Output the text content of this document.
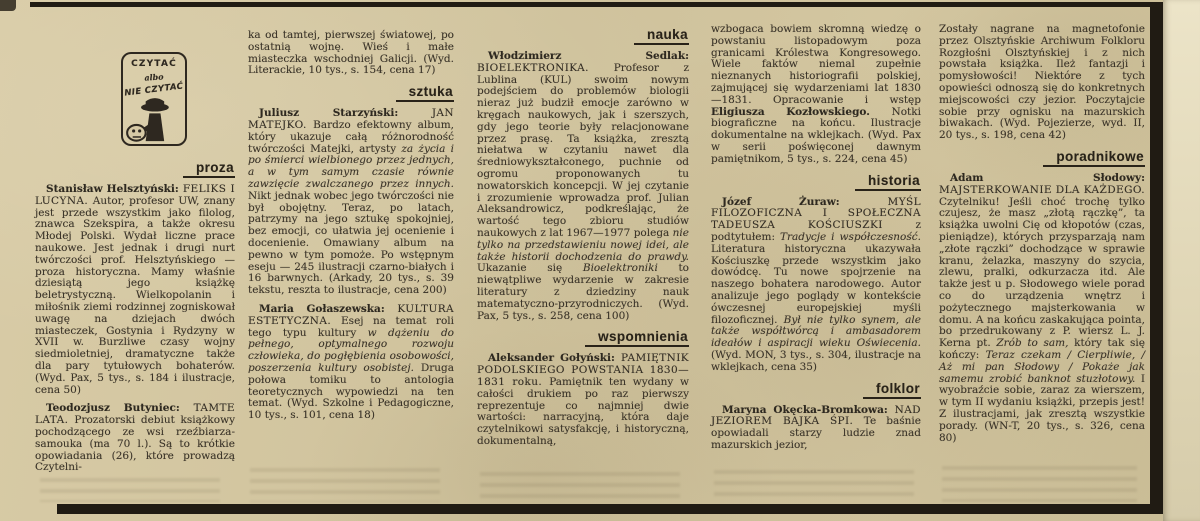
CZYTAĆ
albo
NIE CZYTAĆ
proza

Stanisław Helsztyński: FELIKS I LUCYNA. Autor, profesor UW, znany jest przede wszystkim jako filolog, znawca Szekspira, a także okresu Młodej Polski. Wydał liczne prace naukowe. Jest jednak i drugi nurt twórczości prof. Helsztyńskiego — proza historyczna. Mamy właśnie dziesiątą jego książkę beletrystyczną. Wielkopolanin i miłośnik ziemi rodzinnej zogniskował uwagę na dziejach dwóch miasteczek, Gostynia i Rydzyny w XVII w. Burzliwe czasy wojny siedmioletniej, dramatyczne także dla pary tytułowych bohaterów. (Wyd. Pax, 5 tys., s. 184 i ilustracje, cena 50)

Teodozjusz Butyniec: TAMTE LATA. Prozatorski debiut książkowy pochodzącego ze wsi rzeźbiarza-samouka (ma 70 l.). Są to krótkie opowiadania (26), które prowadzą Czytelni-

ka od tamtej, pierwszej światowej, po ostatnią wojnę. Wieś i małe miasteczka wschodniej Galicji. (Wyd. Literackie, 10 tys., s. 154, cena 17)

sztuka

Juliusz Starzyński: JAN MATEJKO. Bardzo efektowny album, który ukazuje całą różnorodność twórczości Matejki, artysty za życia i po śmierci wielbionego przez jednych, a w tym samym czasie równie zawzięcie zwalczanego przez innych. Nikt jednak wobec jego twórczości nie był obojętny. Teraz, po latach, patrzymy na jego sztukę spokojniej, bez emocji, co ułatwia jej ocenienie i docenienie. Omawiany album na pewno w tym pomoże. Po wstępnym eseju — 245 ilustracji czarno-białych i 16 barwnych. (Arkady, 20 tys., s. 39 tekstu, reszta to ilustracje, cena 200)

Maria Gołaszewska: KULTURA ESTETYCZNA. Esej na temat roli tego typu kultury w dążeniu do pełnego, optymalnego rozwoju człowieka, do pogłębienia osobowości, poszerzenia kultury osobistej. Druga połowa tomiku to antologia teoretycznych wypowiedzi na ten temat. (Wyd. Szkolne i Pedagogiczne, 10 tys., s. 101, cena 18)

nauka

Włodzimierz Sedlak: BIOELEKTRONIKA. Profesor z Lublina (KUL) swoim nowym podejściem do problemów biologii nieraz już budził emocje zarówno w kręgach naukowych, jak i szerszych, gdy jego teorie były relacjonowane przez prasę. Ta książka, zresztą niełatwa w czytaniu nawet dla średniowykształconego, puchnie od ogromu proponowanych tu nowatorskich koncepcji. W jej czytanie i zrozumienie wprowadza prof. Julian Aleksandrowicz, podkreślając, że wartość tego zbioru studiów naukowych z lat 1967—1977 polega nie tylko na przedstawieniu nowej idei, ale także historii dochodzenia do prawdy. Ukazanie się Bioelektroniki to niewątpliwe wydarzenie w zakresie literatury z dziedziny nauk matematyczno-przyrodniczych. (Wyd. Pax, 5 tys., s. 258, cena 100)

wspomnienia

Aleksander Gołyński: PAMIĘTNIK PODOLSKIEGO POWSTANIA 1830—1831 roku. Pamiętnik ten wydany w całości drukiem po raz pierwszy reprezentuje co najmniej dwie wartości: narracyjną, która daje czytelnikowi satysfakcję, i historyczną, dokumentalną,

wzbogaca bowiem skromną wiedzę o powstaniu listopadowym poza granicami Królestwa Kongresowego. Wiele faktów niemal zupełnie nieznanych historiografii polskiej, zajmującej się wydarzeniami lat 1830—1831. Opracowanie i wstęp Eligiusza Kozłowskiego. Notki biograficzne na końcu. Ilustracje dokumentalne na wklejkach. (Wyd. Pax w serii poświęconej dawnym pamiętnikom, 5 tys., s. 224, cena 45)

historia

Józef Żuraw: MYŚL FILOZOFICZNA I SPOŁECZNA TADEUSZA KOŚCIUSZKI z podtytułem: Tradycje i współczesność. Literatura historyczna ukazywała Kościuszkę przede wszystkim jako dowódcę. Tu nowe spojrzenie na naszego bohatera narodowego. Autor analizuje jego poglądy w kontekście ówczesnej europejskiej myśli filozoficznej. Był nie tylko synem, ale także współtwórcą i ambasadorem ideałów i aspiracji wieku Oświecenia. (Wyd. MON, 3 tys., s. 304, ilustracje na wklejkach, cena 35)

folklor

Maryna Okęcka-Bromkowa: NAD JEZIOREM BAJKA ŚPI. Te baśnie opowiadali starzy ludzie znad mazurskich jezior,

Zostały nagrane na magnetofonie przez Olsztyńskie Archiwum Folkloru Rozgłośni Olsztyńskiej i z nich powstała książka. Ileż fantazji i pomysłowości! Niektóre z tych opowieści odnoszą się do konkretnych miejscowości czy jezior. Poczytajcie sobie przy ognisku na mazurskich biwakach. (Wyd. Pojezierze, wyd. II, 20 tys., s. 198, cena 42)

poradnikowe

Adam Słodowy: MAJSTERKOWANIE DLA KAŻDEGO. Czytelniku! Jeśli choć trochę tylko czujesz, że masz „złotą rączkę”, ta książka uwolni Cię od kłopotów (czas, pieniądze), których przysparzają nam „złote rączki” dochodzące w sprawie kranu, żelazka, maszyny do szycia, zlewu, pralki, odkurzacza itd. Ale także jest u p. Słodowego wiele porad co do urządzenia wnętrz i pożytecznego majsterkowania w domu. A na końcu zaskakująca pointa, bo przedrukowany z P. wiersz L. J. Kerna pt. Zrób to sam, który tak się kończy: Teraz czekam / Cierpliwie, / Aż mi pan Słodowy / Pokaże jak samemu zrobić banknot stuzłotowy. I wyobraźcie sobie, zaraz za wierszem, w tym II wydaniu książki, przepis jest! Z ilustracjami, jak zresztą wszystkie porady. (WN-T, 20 tys., s. 326, cena 80)
